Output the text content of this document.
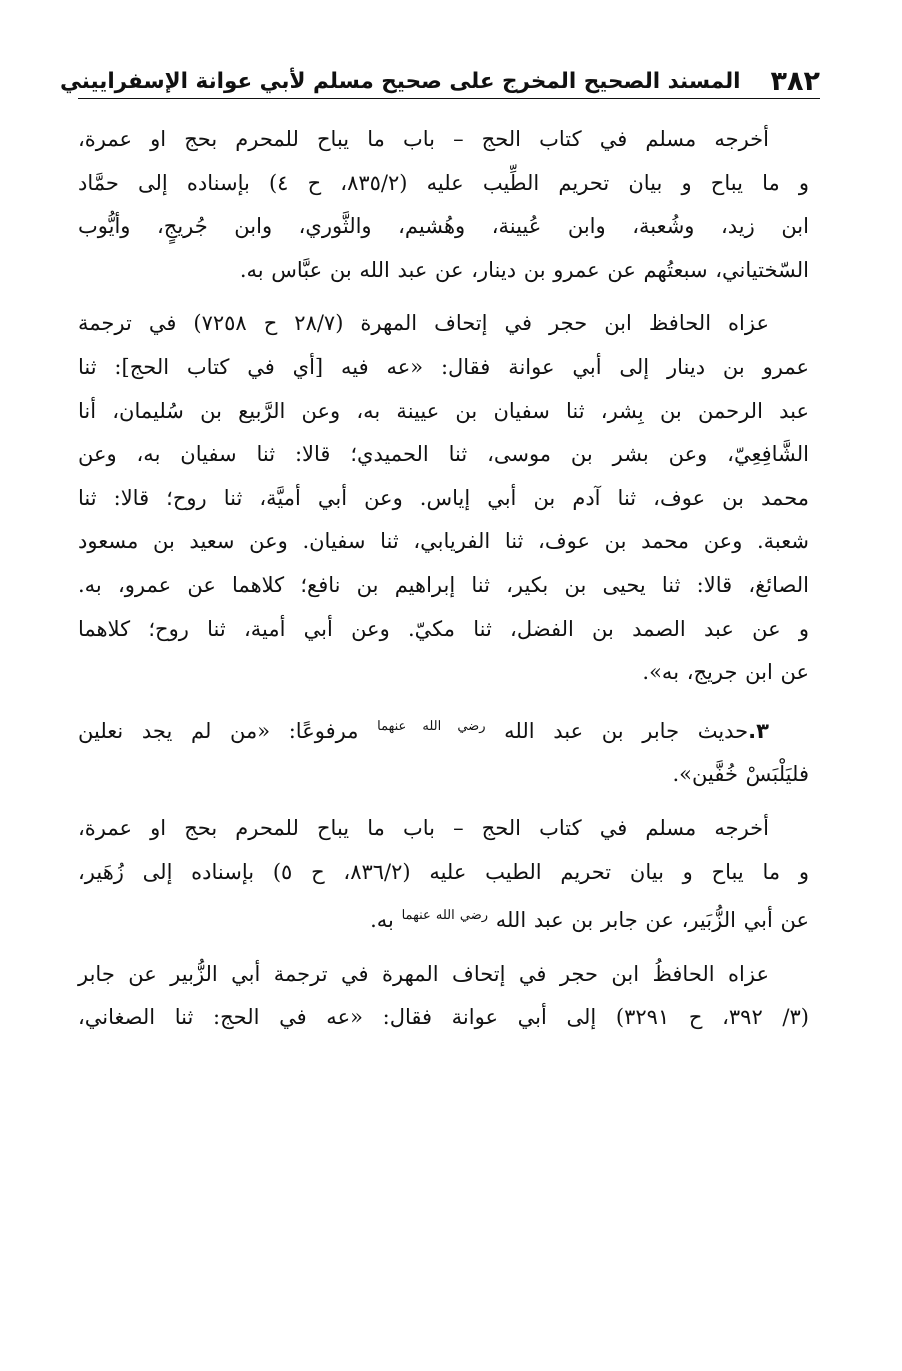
٣٨٢
المسند الصحيح المخرج على صحيح مسلم لأبي عوانة الإسفراييني

أخرجه مسلم في كتاب الحج – باب ما يباح للمحرم بحج او عمرة،
و ما يباح و بيان تحريم الطِّيب عليه (٨٣٥/٢، ح ٤) بإسناده إلى حمَّاد
ابن زيد، وشُعبة، وابن عُيينة، وهُشيم، والثَّوري، وابن جُريجٍ، وأيُّوب
السّختياني، سبعتُهم عن عمرو بن دينار، عن عبد الله بن عبَّاس به.

عزاه الحافظ ابن حجر في إتحاف المهرة (٢٨/٧ ح ٧٢٥٨) في ترجمة
عمرو بن دينار إلى أبي عوانة فقال: «عه فيه [أي في كتاب الحج]: ثنا
عبد الرحمن بن بِشر، ثنا سفيان بن عيينة به، وعن الرَّبيع بن سُليمان، أنا
الشَّافِعِيّ، وعن بشر بن موسى، ثنا الحميدي؛ قالا: ثنا سفيان به، وعن
محمد بن عوف، ثنا آدم بن أبي إياس. وعن أبي أميَّة، ثنا روح؛ قالا: ثنا
شعبة. وعن محمد بن عوف، ثنا الفريابي، ثنا سفيان. وعن سعيد بن مسعود
الصائغ، قالا: ثنا يحيى بن بكير، ثنا إبراهيم بن نافع؛ كلاهما عن عمرو، به.
و عن عبد الصمد بن الفضل، ثنا مكيّ. وعن أبي أمية، ثنا روح؛ كلاهما
عن ابن جريج، به».

٣.حديث جابر بن عبد الله $^{رضي الله عنهما}$ مرفوعًا: «من لم يجد نعلين
فليَلْبَسْ خُفَّين».

أخرجه مسلم في كتاب الحج – باب ما يباح للمحرم بحج او عمرة،
و ما يباح و بيان تحريم الطيب عليه (٨٣٦/٢، ح ٥) بإسناده إلى زُهَير،
عن أبي الزُّبَير، عن جابر بن عبد الله $^{رضي الله عنهما}$ به.

عزاه الحافظُ ابن حجر في إتحاف المهرة في ترجمة أبي الزُّبير عن جابر
(٣/ ٣٩٢، ح ٣٢٩١) إلى أبي عوانة فقال: «عه في الحج: ثنا الصغاني،
